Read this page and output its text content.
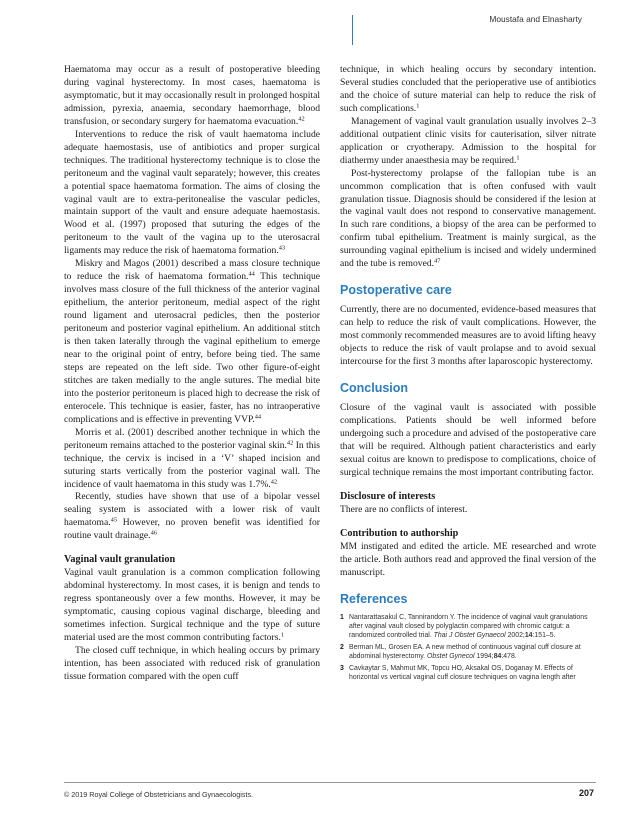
Moustafa and Elnasharty

Haematoma may occur as a result of postoperative bleeding during vaginal hysterectomy. In most cases, haematoma is asymptomatic, but it may occasionally result in prolonged hospital admission, pyrexia, anaemia, secondary haemorrhage, blood transfusion, or secondary surgery for haematoma evacuation.$^{42}$

Interventions to reduce the risk of vault haematoma include adequate haemostasis, use of antibiotics and proper surgical techniques. The traditional hysterectomy technique is to close the peritoneum and the vaginal vault separately; however, this creates a potential space haematoma formation. The aims of closing the vaginal vault are to extra-peritonealise the vascular pedicles, maintain support of the vault and ensure adequate haemostasis. Wood et al. (1997) proposed that suturing the edges of the peritoneum to the vault of the vagina up to the uterosacral ligaments may reduce the risk of haematoma formation.$^{43}$

Miskry and Magos (2001) described a mass closure technique to reduce the risk of haematoma formation.$^{44}$ This technique involves mass closure of the full thickness of the anterior vaginal epithelium, the anterior peritoneum, medial aspect of the right round ligament and uterosacral pedicles, then the posterior peritoneum and posterior vaginal epithelium. An additional stitch is then taken laterally through the vaginal epithelium to emerge near to the original point of entry, before being tied. The same steps are repeated on the left side. Two other figure-of-eight stitches are taken medially to the angle sutures. The medial bite into the posterior peritoneum is placed high to decrease the risk of enterocele. This technique is easier, faster, has no intraoperative complications and is effective in preventing VVP.$^{44}$

Morris et al. (2001) described another technique in which the peritoneum remains attached to the posterior vaginal skin.$^{42}$ In this technique, the cervix is incised in a ‘V’ shaped incision and suturing starts vertically from the posterior vaginal wall. The incidence of vault haematoma in this study was 1.7%.$^{42}$

Recently, studies have shown that use of a bipolar vessel sealing system is associated with a lower risk of vault haematoma.$^{45}$ However, no proven benefit was identified for routine vault drainage.$^{46}$

Vaginal vault granulation

Vaginal vault granulation is a common complication following abdominal hysterectomy. In most cases, it is benign and tends to regress spontaneously over a few months. However, it may be symptomatic, causing copious vaginal discharge, bleeding and sometimes infection. Surgical technique and the type of suture material used are the most common contributing factors.$^1$

The closed cuff technique, in which healing occurs by primary intention, has been associated with reduced risk of granulation tissue formation compared with the open cuff

technique, in which healing occurs by secondary intention. Several studies concluded that the perioperative use of antibiotics and the choice of suture material can help to reduce the risk of such complications.$^1$

Management of vaginal vault granulation usually involves 2–3 additional outpatient clinic visits for cauterisation, silver nitrate application or cryotherapy. Admission to the hospital for diathermy under anaesthesia may be required.$^1$

Post-hysterectomy prolapse of the fallopian tube is an uncommon complication that is often confused with vault granulation tissue. Diagnosis should be considered if the lesion at the vaginal vault does not respond to conservative management. In such rare conditions, a biopsy of the area can be performed to confirm tubal epithelium. Treatment is mainly surgical, as the surrounding vaginal epithelium is incised and widely undermined and the tube is removed.$^{47}$

Postoperative care

Currently, there are no documented, evidence-based measures that can help to reduce the risk of vault complications. However, the most commonly recommended measures are to avoid lifting heavy objects to reduce the risk of vault prolapse and to avoid sexual intercourse for the first 3 months after laparoscopic hysterectomy.

Conclusion

Closure of the vaginal vault is associated with possible complications. Patients should be well informed before undergoing such a procedure and advised of the postoperative care that will be required. Although patient characteristics and early sexual coitus are known to predispose to complications, choice of surgical technique remains the most important contributing factor.

Disclosure of interests

There are no conflicts of interest.

Contribution to authorship

MM instigated and edited the article. ME researched and wrote the article. Both authors read and approved the final version of the manuscript.

References
1 Nantarattasakul C, Tannirandorn Y. The incidence of vaginal vault granulations after vaginal vault closed by polyglactin compared with chromic catgut: a randomized controlled trial. Thai J Obstet Gynaecol 2002;14:151–5.
2 Berman ML, Grosen EA. A new method of continuous vaginal cuff closure at abdominal hysterectomy. Obstet Gynecol 1994;84:478.
3 Cavkaytar S, Mahmut MK, Topcu HO, Aksakal OS, Doganay M. Effects of horizontal vs vertical vaginal cuff closure techniques on vagina length after
© 2019 Royal College of Obstetricians and Gynaecologists.	207
